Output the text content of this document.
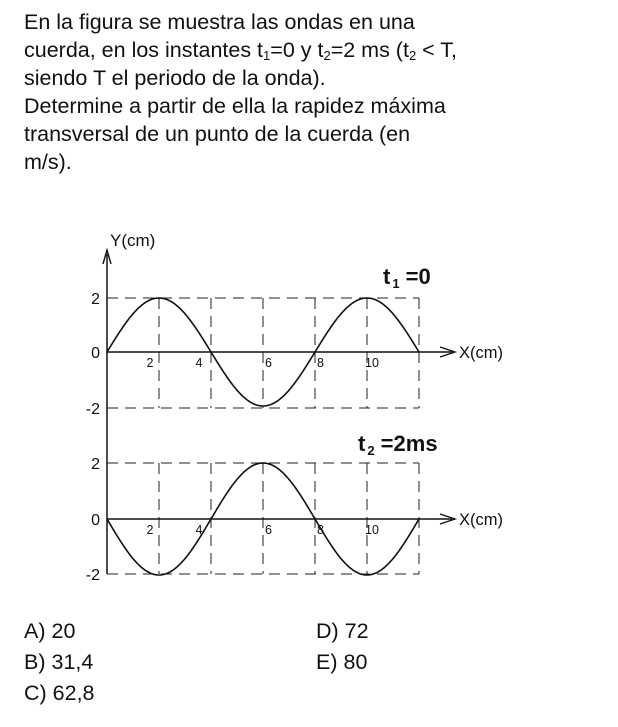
En la figura se muestra las ondas en una

cuerda, en los instantes $t_1=0$ y $t_2=2$ ms ($t_2 < T$,

siendo T el periodo de la onda).

Determine a partir de ella la rapidez máxima

transversal de un punto de la cuerda (en

m/s).

Y(cm)
X(cm)
2
0
-2
2	4	6	8	10
t 1 =0
X(cm)
2
0
-2
2	4	6	8	10
t 2 =2ms
A) 20
B) 31,4
C) 62,8
D) 72
E) 80
